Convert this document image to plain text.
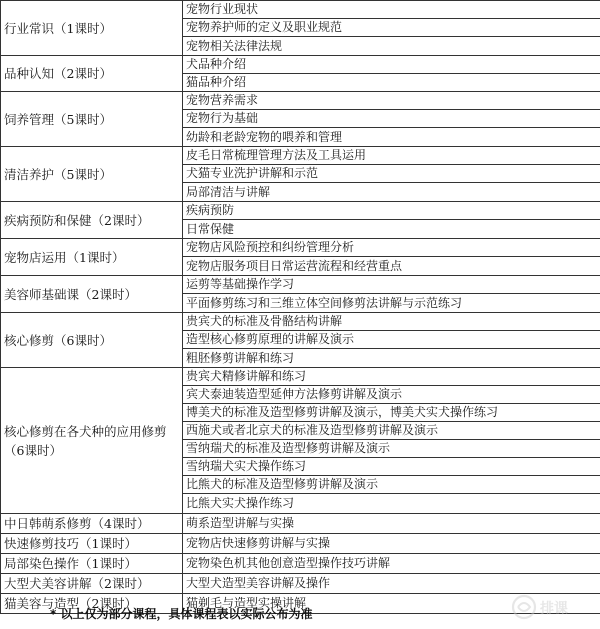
行业常识（1课时）	宠物行业现状
	宠物养护师的定义及职业规范
	宠物相关法律法规
品种认知（2课时）	犬品种介绍
	猫品种介绍
饲养管理（5课时）	宠物营养需求
	宠物行为基础
	幼龄和老龄宠物的喂养和管理
清洁养护（5课时）	皮毛日常梳理管理方法及工具运用
	犬猫专业洗护讲解和示范
	局部清洁与讲解
疾病预防和保健（2课时）	疾病预防
	日常保健
宠物店运用（1课时）	宠物店风险预控和纠纷管理分析
	宠物店服务项目日常运营流程和经营重点
美容师基础课（2课时）	运剪等基础操作学习
	平面修剪练习和三维立体空间修剪法讲解与示范练习
核心修剪（6课时）	贵宾犬的标准及骨骼结构讲解
	造型核心修剪原理的讲解及演示
	粗胚修剪讲解和练习
核心修剪在各犬种的应用修剪（6课时）	贵宾犬精修讲解和练习
	宾犬泰迪装造型延伸方法修剪讲解及演示
	博美犬的标准及造型修剪讲解及演示，博美犬实犬操作练习
	西施犬或者北京犬的标准及造型修剪讲解及演示
	雪纳瑞犬的标准及造型修剪讲解及演示
	雪纳瑞犬实犬操作练习
	比熊犬的标准及造型修剪讲解及演示
	比熊犬实犬操作练习
中日韩萌系修剪（4课时）	萌系造型讲解与实操
快速修剪技巧（1课时）	宠物店快速修剪讲解与实操
局部染色操作（1课时）	宠物染色机其他创意造型操作技巧讲解
大型犬美容讲解（2课时）	大型犬造型美容讲解及操作
猫美容与造型（2课时）	猫剃毛与造型实操讲解
* 以上仅为部分课程，具体课程表以实际公布为准	排课
